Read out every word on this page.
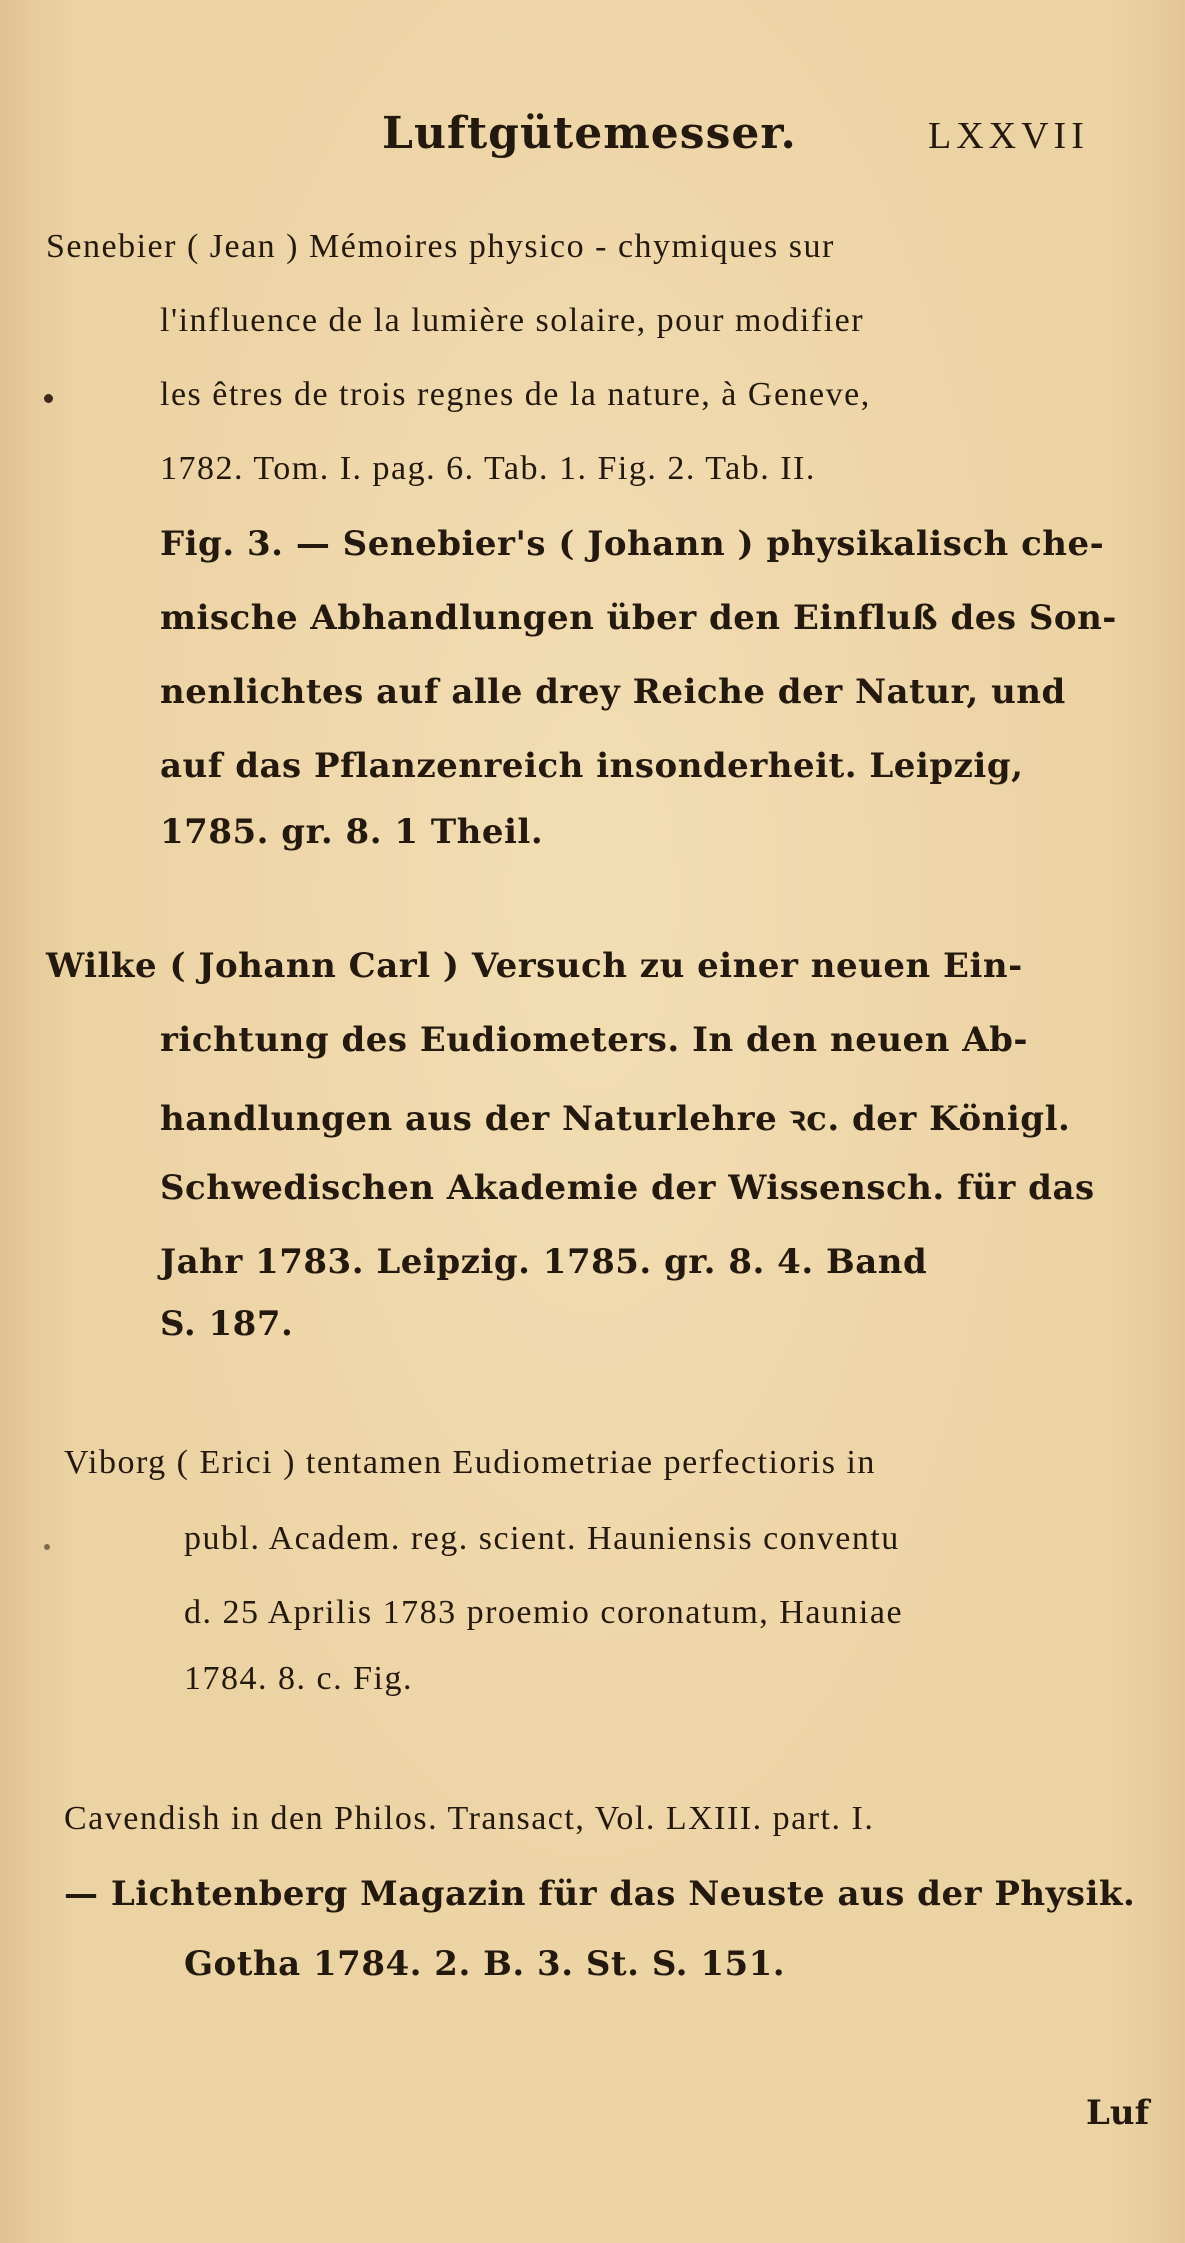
Luftgütemesser.	LXXVII
Senebier ( Jean ) Mémoires physico - chymiques sur
l'influence de la lumière solaire, pour modifier
les êtres de trois regnes de la nature, à Geneve,
1782. Tom. I. pag. 6. Tab. 1. Fig. 2. Tab. II.
Fig. 3. — Senebier's ( Johann ) physikalisch che-
mische Abhandlungen über den Einfluß des Son-
nenlichtes auf alle drey Reiche der Natur, und
auf das Pflanzenreich insonderheit. Leipzig,
1785. gr. 8. 1 Theil.
Wilke ( Johann Carl ) Versuch zu einer neuen Ein-
richtung des Eudiometers. In den neuen Ab-
handlungen aus der Naturlehre ꝛc. der Königl.
Schwedischen Akademie der Wissensch. für das
Jahr 1783. Leipzig. 1785. gr. 8. 4. Band
S. 187.
Viborg ( Erici ) tentamen Eudiometriae perfectioris in
publ. Academ. reg. scient. Hauniensis conventu
d. 25 Aprilis 1783 proemio coronatum, Hauniae
1784. 8. c. Fig.
Cavendish in den Philos. Transact, Vol. LXIII. part. I.
— Lichtenberg Magazin für das Neuste aus der Physik.
Gotha 1784. 2. B. 3. St. S. 151.
Luf
